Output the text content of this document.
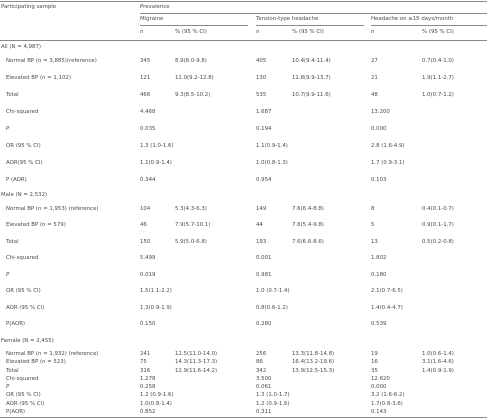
Participating sample	Prevalence
Migraine	Tension-type headache	Headache on ≥15 days/month
n	% (95 % CI)	n	% (95 % CI)	n	% (95 % CI)
All (N = 4,987)
Normal BP (n = 3,885)(reference)	345	8.9(8.0-9.8)	405	10.4(9.4-11.4)	27	0.7(0.4-1.0)
Elevated BP (n = 1,102)	121	11.0(9.2-12.8)	130	11.8(9.9-13.7)	21	1.9(1.1-2.7)
Total	466	9.3(8.5-10.2)	535	10.7(9.9-11.6)	48	1.0(0.7-1.2)
Chi-squared	4.468	1.687	13.200
P	0.035	0.194	0.000
OR (95 % CI)	1.3 (1.0-1.6)	1.1(0.9-1.4)	2.8 (1.6-4.9)
AOR(95 % CI)	1.1(0.9-1.4)	1.0(0.8-1.3)	1.7 (0.9-3.1)
P (AOR)	0.344	0.954	0.103
Male (N = 2,532)
Normal BP (n = 1,953) (reference)	104	5.3(4.3-6.3)	149	7.6(6.4-8.8)	8	0.4(0.1-0.7)
Elevated BP (n = 579)	46	7.9(5.7-10.1)	44	7.6(5.4-9.8)	5	0.9(0.1-1.7)
Total	150	5.9(5.0-6.8)	193	7.6(6.6-8.6)	13	0.5(0.2-0.8)
Chi-squared	5.499	0.001	1.802
P	0.019	0.981	0.180
OR (95 % CI)	1.5(1.1-2.2)	1.0 (0.7-1.4)	2.1(0.7-6.5)
AOR (95 % CI)	1.3(0.9-1.9)	0.8(0.6-1.2)	1.4(0.4-4.7)
P(AOR)	0.150	0.280	0.539
Female (N = 2,455)
Normal BP (n = 1,932) (reference)	241	12.5(11.0-14.0)	256	13.3(11.8-14.8)	19	1.0(0.6-1.4)
Elevated BP (n = 523)	75	14.3(11.3-17.3)	86	16.4(13.2-19.6)	16	3.1(1.6-4.6)
Total	316	12.9(11.6-14.2)	342	13.9(12.5-15.3)	35	1.4(0.9-1.9)
Chi-squared	1.278	3.500	12.620
P	0.258	0.061	0.000
OR (95 % CI)	1.2 (0.9-1.6)	1.3 (1.0-1.7)	3.2 (1.6-6.2)
AOR (95 % CI)	1.0(0.8-1.4)	1.2 (0.9-1.6)	1.7(0.8-3.6)
P(AOR)	0.852	0.311	0.143
